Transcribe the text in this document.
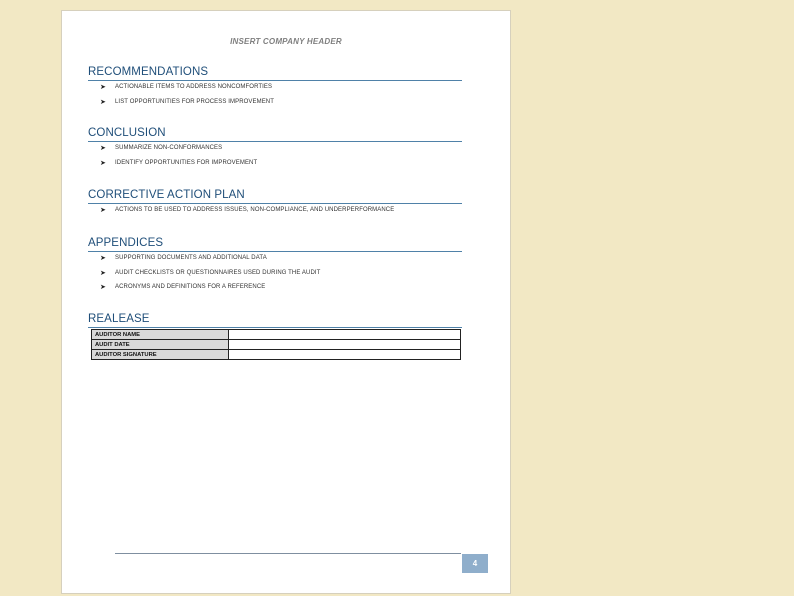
INSERT COMPANY HEADER
RECOMMENDATIONS
➤ ACTIONABLE ITEMS TO ADDRESS NONCOMFORTIES
➤ LIST OPPORTUNITIES FOR PROCESS IMPROVEMENT
CONCLUSION
➤ SUMMARIZE NON-CONFORMANCES
➤ IDENTIFY OPPORTUNITIES FOR IMPROVEMENT
CORRECTIVE ACTION PLAN
➤ ACTIONS TO BE USED TO ADDRESS ISSUES, NON-COMPLIANCE, AND UNDERPERFORMANCE
APPENDICES
➤ SUPPORTING DOCUMENTS AND ADDITIONAL DATA
➤ AUDIT CHECKLISTS OR QUESTIONNAIRES USED DURING THE AUDIT
➤ ACRONYMS AND DEFINITIONS FOR A REFERENCE
REALEASE
AUDITOR NAME	
AUDIT DATE	
AUDITOR SIGNATURE	
4
